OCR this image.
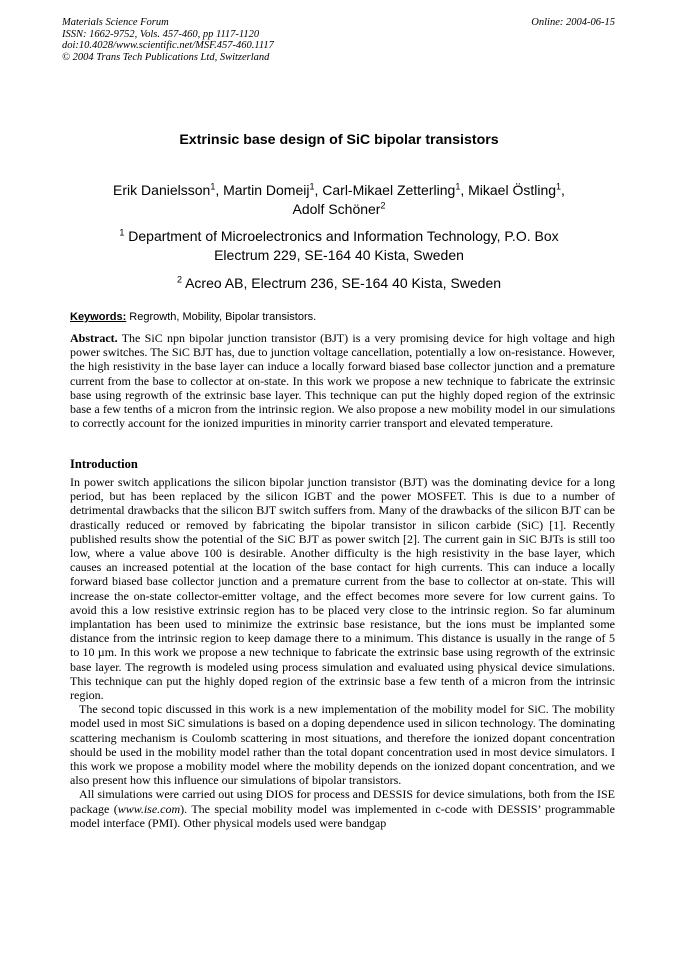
Materials Science Forum
ISSN: 1662-9752, Vols. 457-460, pp 1117-1120
doi:10.4028/www.scientific.net/MSF.457-460.1117
© 2004 Trans Tech Publications Ltd, Switzerland
Online: 2004-06-15
Extrinsic base design of SiC bipolar transistors
Erik Danielsson$^1$, Martin Domeij$^1$, Carl-Mikael Zetterling$^1$, Mikael Östling$^1$,
Adolf Schöner$^2$
$^1$ Department of Microelectronics and Information Technology, P.O. Box
Electrum 229, SE-164 40 Kista, Sweden
$^2$ Acreo AB, Electrum 236, SE-164 40 Kista, Sweden
Keywords: Regrowth, Mobility, Bipolar transistors.

Abstract. The SiC npn bipolar junction transistor (BJT) is a very promising device for high voltage and high power switches. The SiC BJT has, due to junction voltage cancellation, potentially a low on-resistance. However, the high resistivity in the base layer can induce a locally forward biased base collector junction and a premature current from the base to collector at on-state. In this work we propose a new technique to fabricate the extrinsic base using regrowth of the extrinsic base layer. This technique can put the highly doped region of the extrinsic base a few tenths of a micron from the intrinsic region. We also propose a new mobility model in our simulations to correctly account for the ionized impurities in minority carrier transport and elevated temperature.

Introduction

In power switch applications the silicon bipolar junction transistor (BJT) was the dominating device for a long period, but has been replaced by the silicon IGBT and the power MOSFET. This is due to a number of detrimental drawbacks that the silicon BJT switch suffers from. Many of the drawbacks of the silicon BJT can be drastically reduced or removed by fabricating the bipolar transistor in silicon carbide (SiC) [1]. Recently published results show the potential of the SiC BJT as power switch [2]. The current gain in SiC BJTs is still too low, where a value above 100 is desirable. Another difficulty is the high resistivity in the base layer, which causes an increased potential at the location of the base contact for high currents. This can induce a locally forward biased base collector junction and a premature current from the base to collector at on-state. This will increase the on-state collector-emitter voltage, and the effect becomes more severe for low current gains. To avoid this a low resistive extrinsic region has to be placed very close to the intrinsic region. So far aluminum implantation has been used to minimize the extrinsic base resistance, but the ions must be implanted some distance from the intrinsic region to keep damage there to a minimum. This distance is usually in the range of 5 to 10 µm. In this work we propose a new technique to fabricate the extrinsic base using regrowth of the extrinsic base layer. The regrowth is modeled using process simulation and evaluated using physical device simulations. This technique can put the highly doped region of the extrinsic base a few tenth of a micron from the intrinsic region.

The second topic discussed in this work is a new implementation of the mobility model for SiC. The mobility model used in most SiC simulations is based on a doping dependence used in silicon technology. The dominating scattering mechanism is Coulomb scattering in most situations, and therefore the ionized dopant concentration should be used in the mobility model rather than the total dopant concentration used in most device simulators. I this work we propose a mobility model where the mobility depends on the ionized dopant concentration, and we also present how this influence our simulations of bipolar transistors.

All simulations were carried out using DIOS for process and DESSIS for device simulations, both from the ISE package (www.ise.com). The special mobility model was implemented in c-code with DESSIS’ programmable model interface (PMI). Other physical models used were bandgap
